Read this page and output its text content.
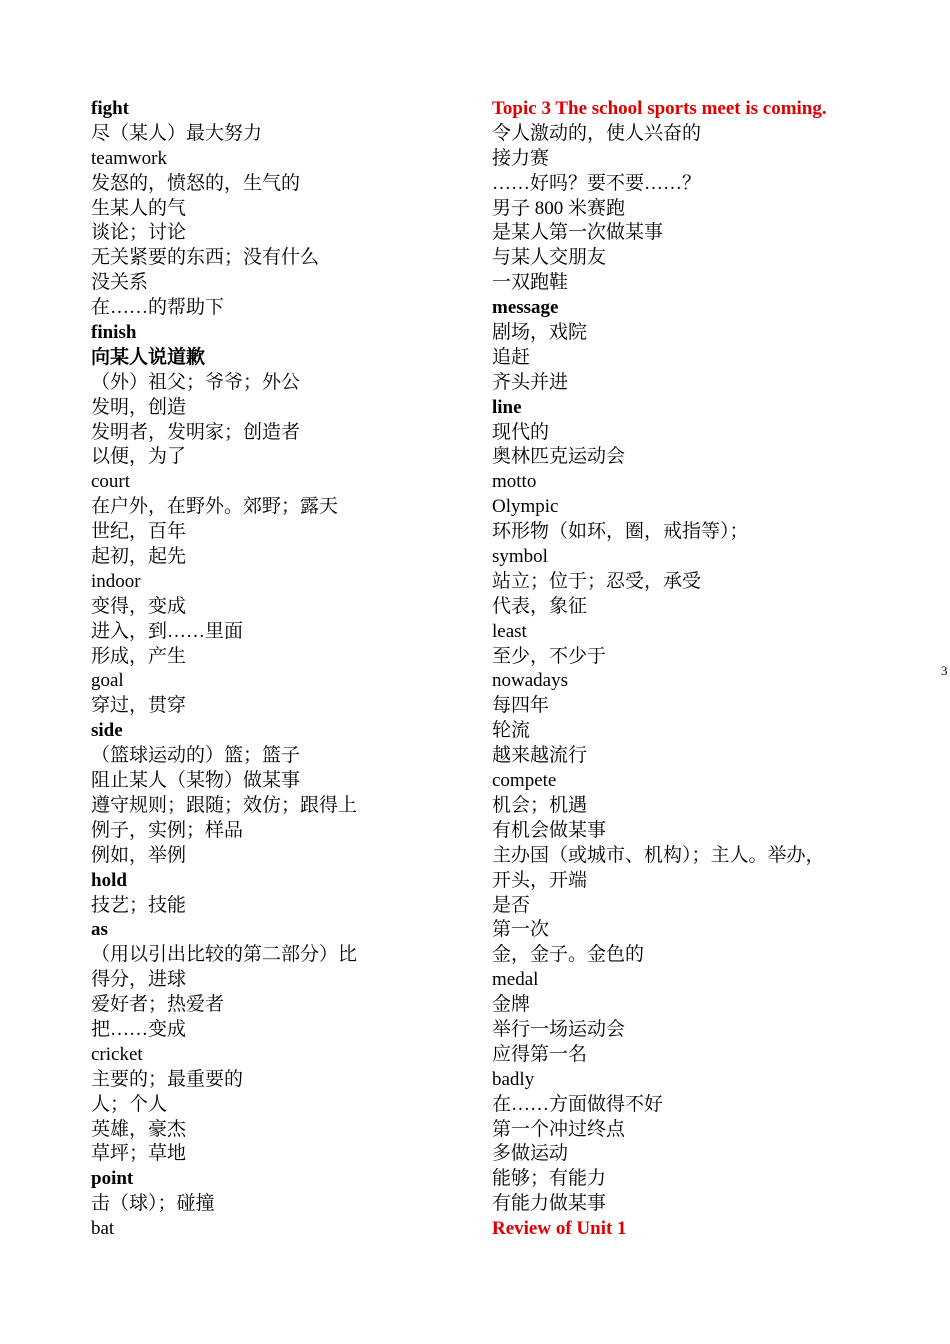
fight
尽（某人）最大努力
teamwork
发怒的，愤怒的，生气的
生某人的气
谈论；讨论
无关紧要的东西；没有什么
没关系
在……的帮助下
finish
向某人说道歉
（外）祖父；爷爷；外公
发明，创造
发明者，发明家；创造者
以便，为了
court
在户外，在野外。郊野；露天
世纪，百年
起初，起先
indoor
变得，变成
进入，到……里面
形成，产生
goal
穿过，贯穿
side
（篮球运动的）篮；篮子
阻止某人（某物）做某事
遵守规则；跟随；效仿；跟得上
例子，实例；样品
例如，举例
hold
技艺；技能
as
（用以引出比较的第二部分）比
得分，进球
爱好者；热爱者
把……变成
cricket
主要的；最重要的
人；个人
英雄，豪杰
草坪；草地
point
击（球）；碰撞
bat
Topic 3 The school sports meet is coming.
令人激动的，使人兴奋的
接力赛
……好吗？要不要……？
男子 800 米赛跑
是某人第一次做某事
与某人交朋友
一双跑鞋
message
剧场，戏院
追赶
齐头并进
line
现代的
奥林匹克运动会
motto
Olympic
环形物（如环，圈，戒指等）；
symbol
站立；位于；忍受，承受
代表，象征
least
至少，不少于
nowadays
每四年
轮流
越来越流行
compete
机会；机遇
有机会做某事
主办国（或城市、机构）；主人。举办，
开头，开端
是否
第一次
金，金子。金色的
medal
金牌
举行一场运动会
应得第一名
badly
在……方面做得不好
第一个冲过终点
多做运动
能够；有能力
有能力做某事
Review of Unit 1
3
